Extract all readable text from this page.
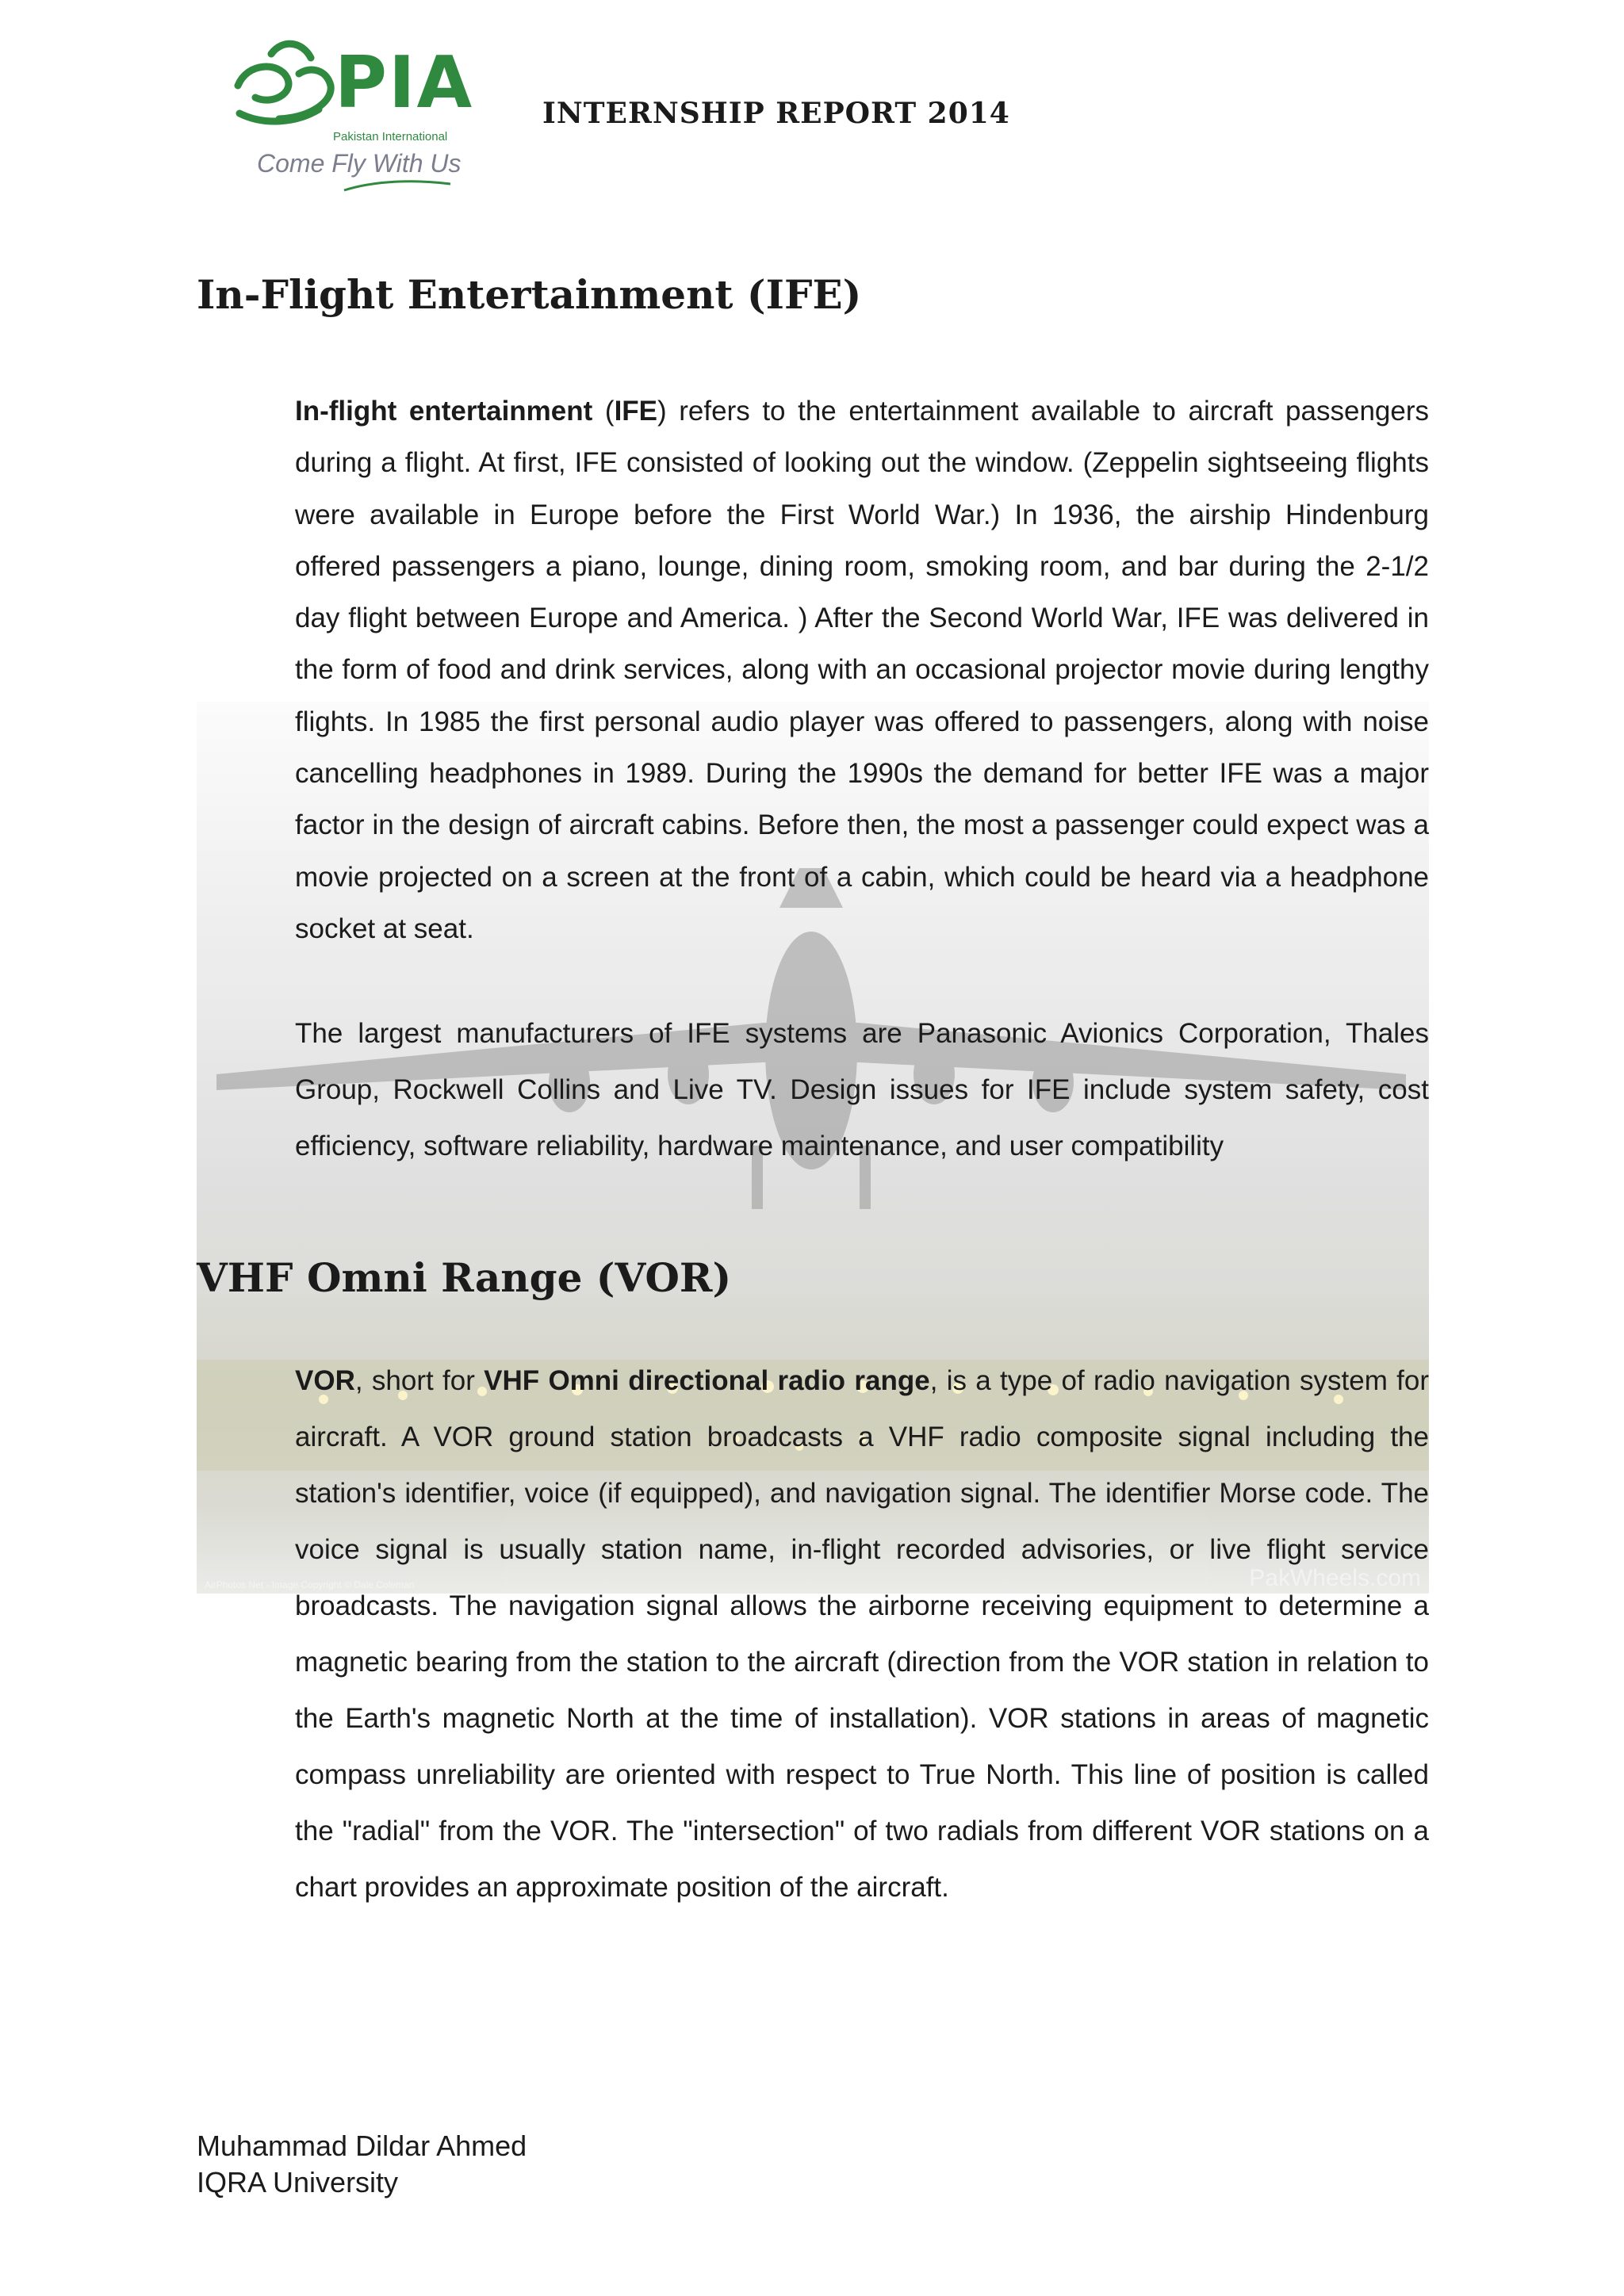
AirPhotos Net - Image Copyright © Dale Coleman	PakWheels.com
PIA
Pakistan International
Come Fly With Us
INTERNSHIP REPORT 2014
In-Flight Entertainment (IFE)

In-flight entertainment (IFE) refers to the entertainment available to aircraft passengers during a flight. At first, IFE consisted of looking out the window. (Zeppelin sightseeing flights were available in Europe before the First World War.) In 1936, the airship Hindenburg offered passengers a piano, lounge, dining room, smoking room, and bar during the 2-1/2 day flight between Europe and America. ) After the Second World War, IFE was delivered in the form of food and drink services, along with an occasional projector movie during lengthy flights. In 1985 the first personal audio player was offered to passengers, along with noise cancelling headphones in 1989. During the 1990s the demand for better IFE was a major factor in the design of aircraft cabins. Before then, the most a passenger could expect was a movie projected on a screen at the front of a cabin, which could be heard via a headphone socket at seat.

The largest manufacturers of IFE systems are Panasonic Avionics Corporation, Thales Group, Rockwell Collins and Live TV. Design issues for IFE include system safety, cost efficiency, software reliability, hardware maintenance, and user compatibility

VHF Omni Range (VOR)

VOR, short for VHF Omni directional radio range, is a type of radio navigation system for aircraft. A VOR ground station broadcasts a VHF radio composite signal including the station's identifier, voice (if equipped), and navigation signal. The identifier Morse code. The voice signal is usually station name, in-flight recorded advisories, or live flight service broadcasts. The navigation signal allows the airborne receiving equipment to determine a magnetic bearing from the station to the aircraft (direction from the VOR station in relation to the Earth's magnetic North at the time of installation). VOR stations in areas of magnetic compass unreliability are oriented with respect to True North. This line of position is called the "radial" from the VOR. The "intersection" of two radials from different VOR stations on a chart provides an approximate position of the aircraft.

Muhammad Dildar Ahmed
IQRA University
